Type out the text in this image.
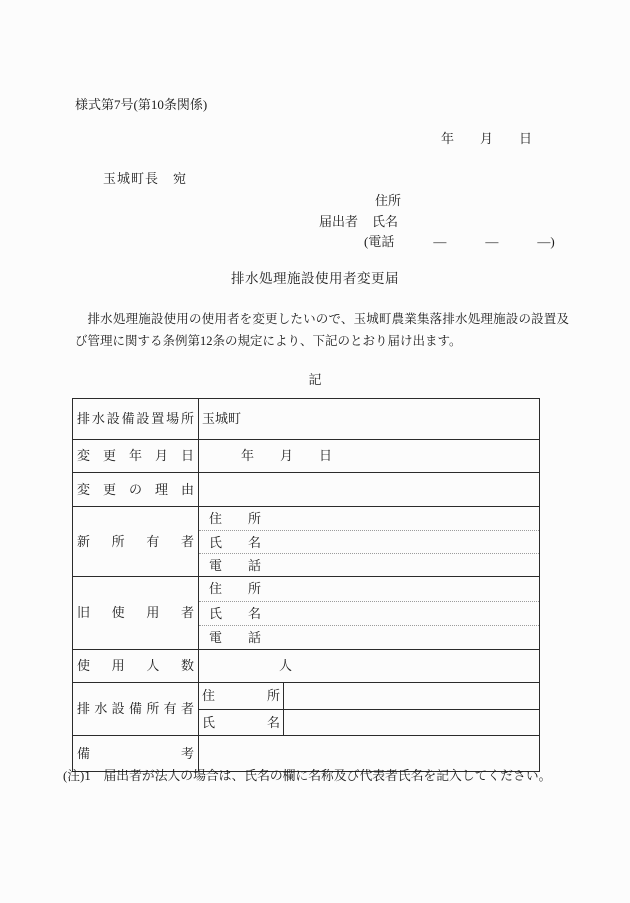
様式第7号(第10条関係)
年　　月　　日
玉城町長　宛
住所
届出者 氏名
(電話　　　—　　　—　　　—)
排水処理施設使用者変更届
排水処理施設使用の使用者を変更したいので、玉城町農業集落排水処理施設の設置及び管理に関する条例第12条の規定により、下記のとおり届け出ます。
記
排水設備設置場所 玉城町
変更年月日	年　　月　　日
変更の理由
新所有者
住　　所
氏　　名
電　　話
旧使用者
住　　所
氏　　名
電　　話
使用人数	人
排水設備所有者
住所
氏名
備考
(注)1　届出者が法人の場合は、氏名の欄に名称及び代表者氏名を記入してください。
